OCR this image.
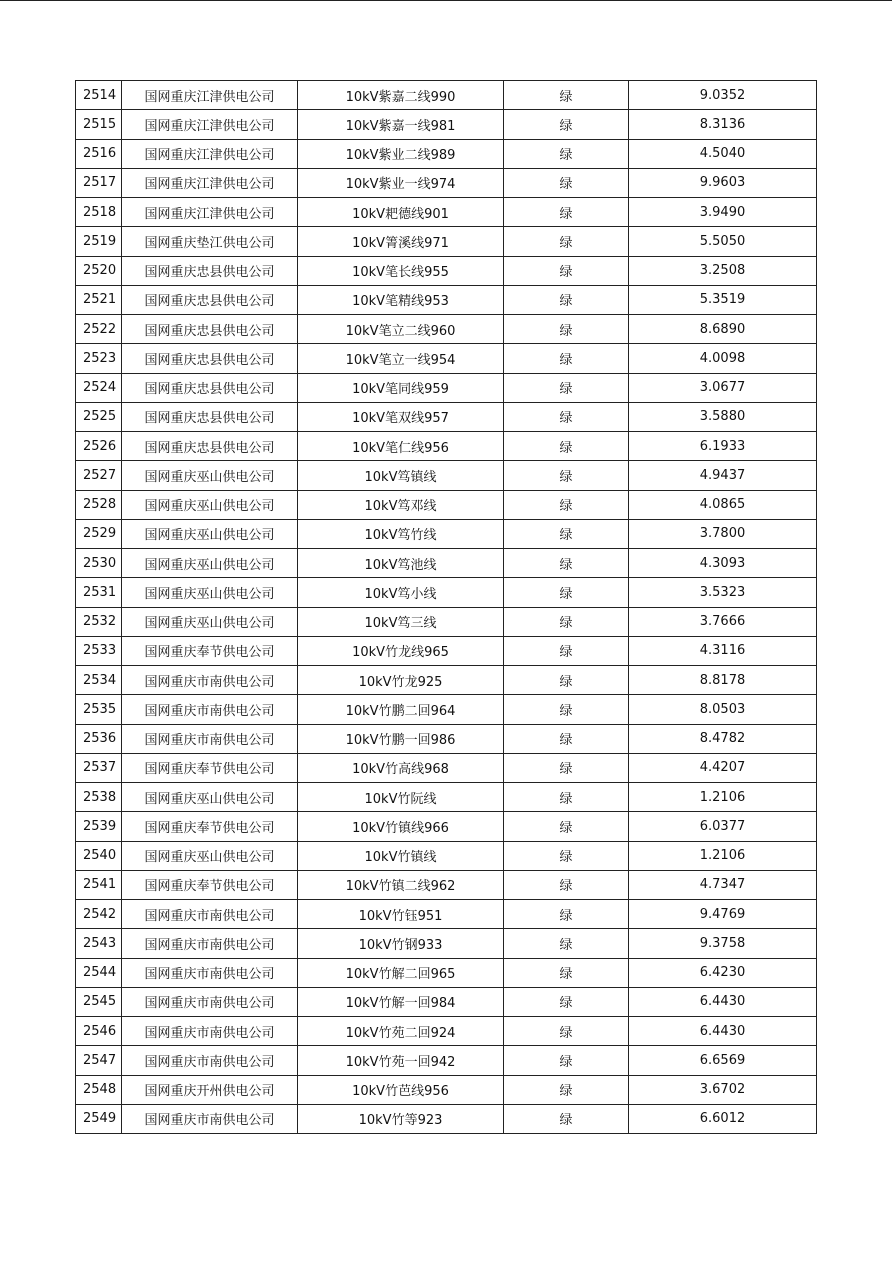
2514	国网重庆江津供电公司	10kV紫嘉二线990	绿	9.0352
2515	国网重庆江津供电公司	10kV紫嘉一线981	绿	8.3136
2516	国网重庆江津供电公司	10kV紫业二线989	绿	4.5040
2517	国网重庆江津供电公司	10kV紫业一线974	绿	9.9603
2518	国网重庆江津供电公司	10kV耙德线901	绿	3.9490
2519	国网重庆垫江供电公司	10kV箐溪线971	绿	5.5050
2520	国网重庆忠县供电公司	10kV笔长线955	绿	3.2508
2521	国网重庆忠县供电公司	10kV笔精线953	绿	5.3519
2522	国网重庆忠县供电公司	10kV笔立二线960	绿	8.6890
2523	国网重庆忠县供电公司	10kV笔立一线954	绿	4.0098
2524	国网重庆忠县供电公司	10kV笔同线959	绿	3.0677
2525	国网重庆忠县供电公司	10kV笔双线957	绿	3.5880
2526	国网重庆忠县供电公司	10kV笔仁线956	绿	6.1933
2527	国网重庆巫山供电公司	10kV笃镇线	绿	4.9437
2528	国网重庆巫山供电公司	10kV笃邓线	绿	4.0865
2529	国网重庆巫山供电公司	10kV笃竹线	绿	3.7800
2530	国网重庆巫山供电公司	10kV笃池线	绿	4.3093
2531	国网重庆巫山供电公司	10kV笃小线	绿	3.5323
2532	国网重庆巫山供电公司	10kV笃三线	绿	3.7666
2533	国网重庆奉节供电公司	10kV竹龙线965	绿	4.3116
2534	国网重庆市南供电公司	10kV竹龙925	绿	8.8178
2535	国网重庆市南供电公司	10kV竹鹏二回964	绿	8.0503
2536	国网重庆市南供电公司	10kV竹鹏一回986	绿	8.4782
2537	国网重庆奉节供电公司	10kV竹高线968	绿	4.4207
2538	国网重庆巫山供电公司	10kV竹阮线	绿	1.2106
2539	国网重庆奉节供电公司	10kV竹镇线966	绿	6.0377
2540	国网重庆巫山供电公司	10kV竹镇线	绿	1.2106
2541	国网重庆奉节供电公司	10kV竹镇二线962	绿	4.7347
2542	国网重庆市南供电公司	10kV竹钰951	绿	9.4769
2543	国网重庆市南供电公司	10kV竹钢933	绿	9.3758
2544	国网重庆市南供电公司	10kV竹解二回965	绿	6.4230
2545	国网重庆市南供电公司	10kV竹解一回984	绿	6.4430
2546	国网重庆市南供电公司	10kV竹苑二回924	绿	6.4430
2547	国网重庆市南供电公司	10kV竹苑一回942	绿	6.6569
2548	国网重庆开州供电公司	10kV竹芭线956	绿	3.6702
2549	国网重庆市南供电公司	10kV竹等923	绿	6.6012
